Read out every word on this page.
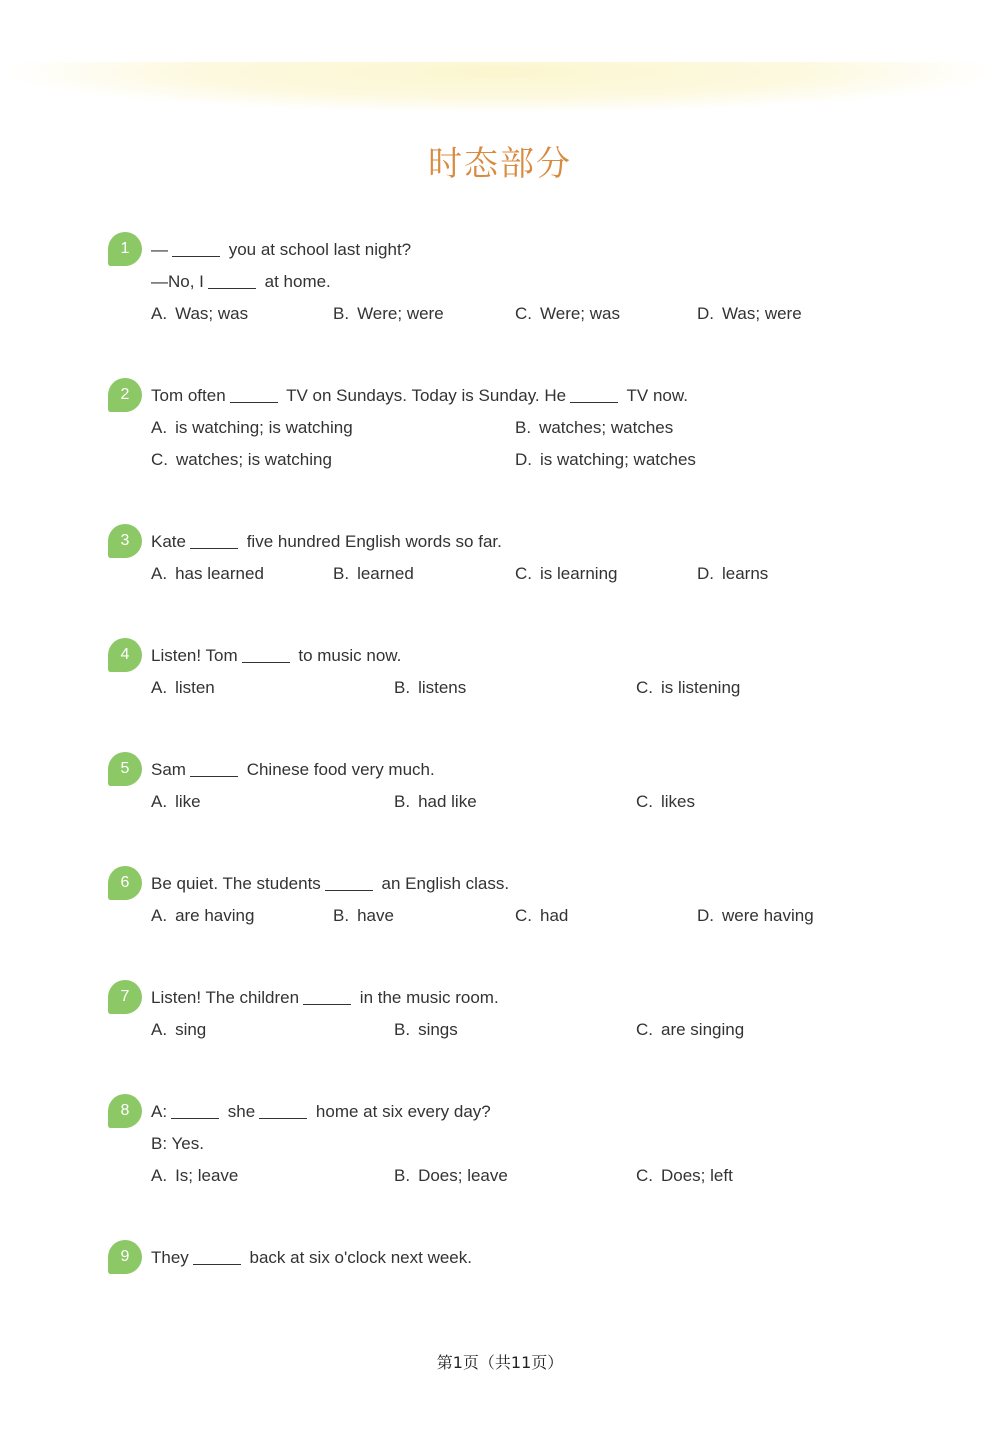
时态部分
1	—	you at school last night?
—No, I	at home.
A. Was; was	B. Were; were	C. Were; was	D. Was; were
2	Tom often	TV on Sundays. Today is Sunday. He	TV now.
A. is watching; is watching	B. watches; watches
C. watches; is watching	D. is watching; watches
3	Kate	five hundred English words so far.
A. has learned	B. learned	C. is learning	D. learns
4	Listen! Tom	to music now.
A. listen	B. listens	C. is listening
5	Sam	Chinese food very much.
A. like	B. had like	C. likes
6	Be quiet. The students	an English class.
A. are having	B. have	C. had	D. were having
7	Listen! The children	in the music room.
A. sing	B. sings	C. are singing
8	A:	she	home at six every day?
B: Yes.
A. Is; leave	B. Does; leave	C. Does; left
9	They	back at six o'clock next week.
第1页（共11页）
